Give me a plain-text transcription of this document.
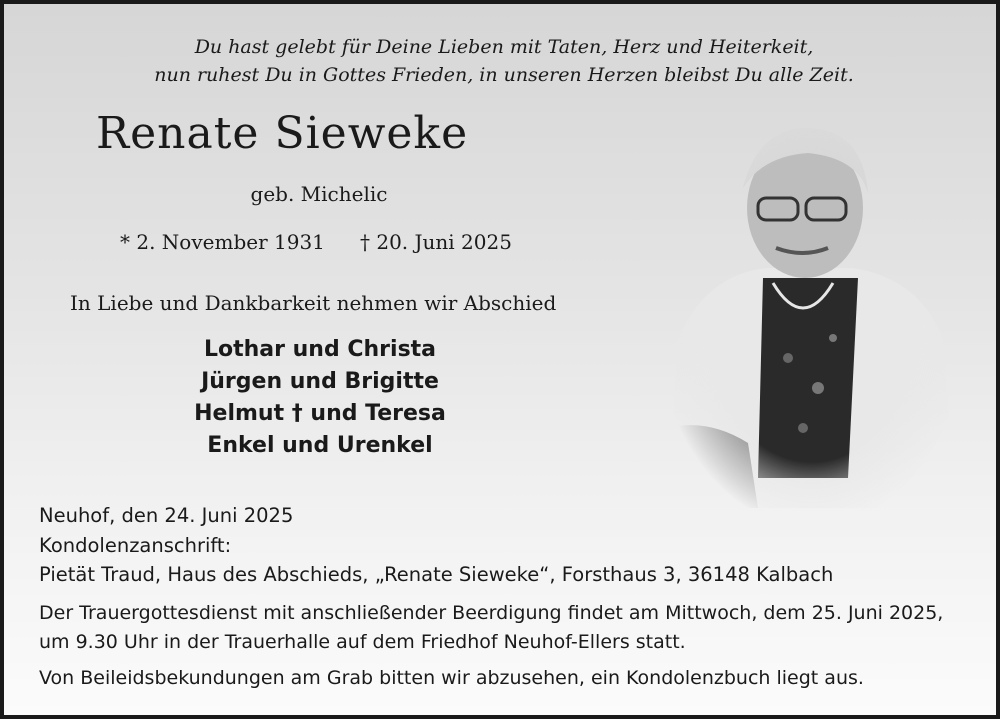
Du hast gelebt für Deine Lieben mit Taten, Herz und Heiterkeit,
nun ruhest Du in Gottes Frieden, in unseren Herzen bleibst Du alle Zeit.
Renate Sieweke
geb. Michelic
* 2. November 1931 † 20. Juni 2025
In Liebe und Dankbarkeit nehmen wir Abschied
Lothar und Christa
Jürgen und Brigitte
Helmut † und Teresa
Enkel und Urenkel
Neuhof, den 24. Juni 2025
Kondolenzanschrift:
Pietät Traud, Haus des Abschieds, „Renate Sieweke“, Forsthaus 3, 36148 Kalbach
Der Trauergottesdienst mit anschließender Beerdigung findet am Mittwoch, dem 25. Juni 2025,
um 9.30 Uhr in der Trauerhalle auf dem Friedhof Neuhof-Ellers statt.
Von Beileidsbekundungen am Grab bitten wir abzusehen, ein Kondolenzbuch liegt aus.
